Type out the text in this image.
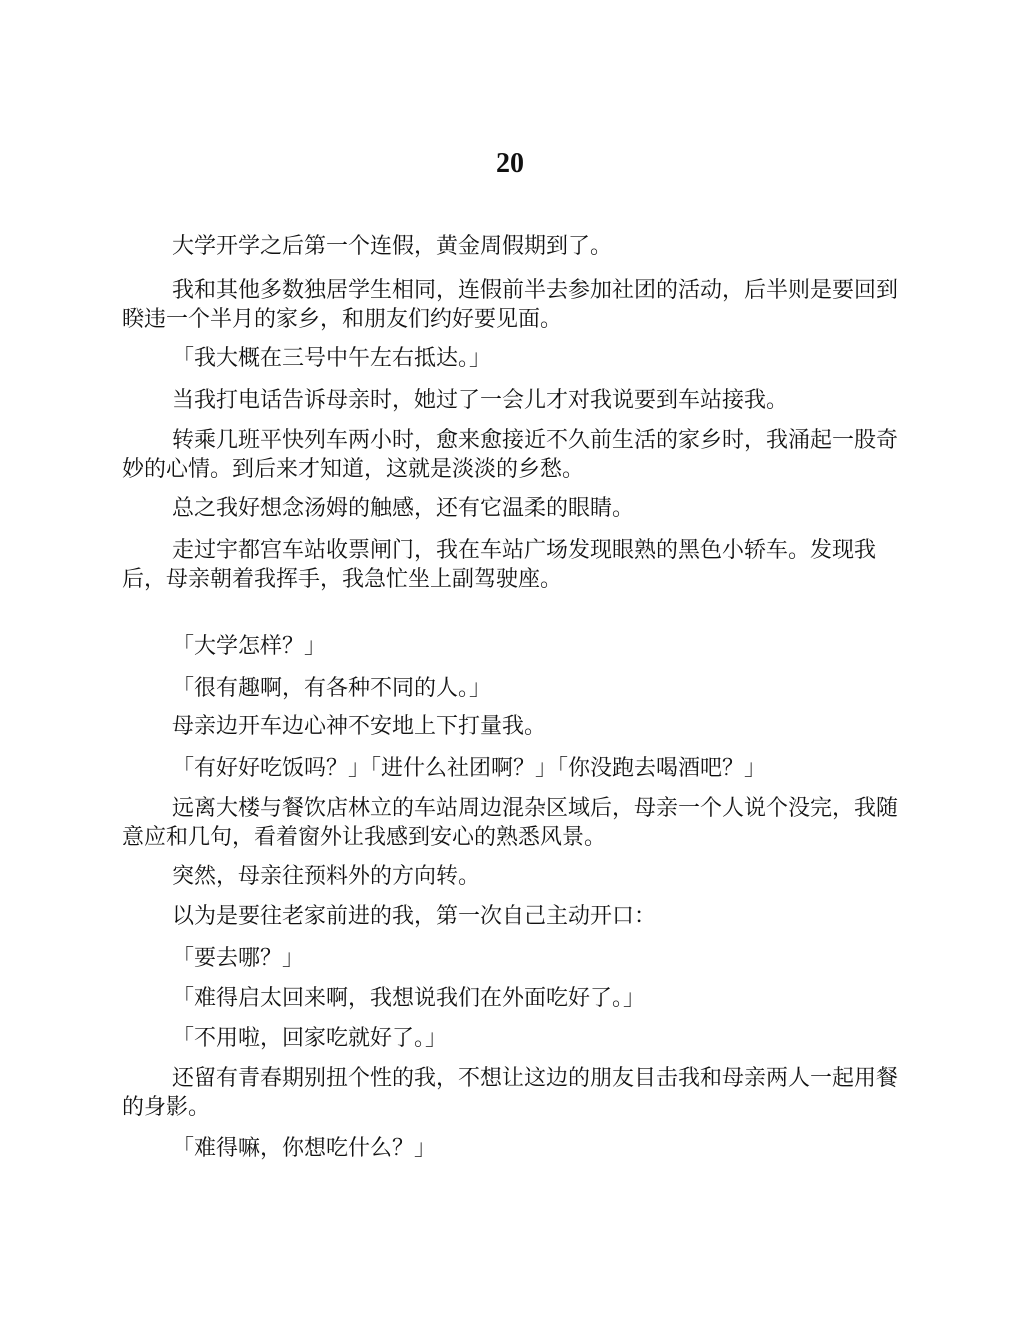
20

大学开学之后第一个连假，黄金周假期到了。

我和其他多数独居学生相同，连假前半去参加社团的活动，后半则是要回到睽违一个半月的家乡，和朋友们约好要见面。

「我大概在三号中午左右抵达。」

当我打电话告诉母亲时，她过了一会儿才对我说要到车站接我。

转乘几班平快列车两小时，愈来愈接近不久前生活的家乡时，我涌起一股奇妙的心情。到后来才知道，这就是淡淡的乡愁。

总之我好想念汤姆的触感，还有它温柔的眼睛。

走过宇都宫车站收票闸门，我在车站广场发现眼熟的黑色小轿车。发现我后，母亲朝着我挥手，我急忙坐上副驾驶座。

「大学怎样？」

「很有趣啊，有各种不同的人。」

母亲边开车边心神不安地上下打量我。

「有好好吃饭吗？」「进什么社团啊？」「你没跑去喝酒吧？」

远离大楼与餐饮店林立的车站周边混杂区域后，母亲一个人说个没完，我随意应和几句，看着窗外让我感到安心的熟悉风景。

突然，母亲往预料外的方向转。

以为是要往老家前进的我，第一次自己主动开口：

「要去哪？」

「难得启太回来啊，我想说我们在外面吃好了。」

「不用啦，回家吃就好了。」

还留有青春期别扭个性的我，不想让这边的朋友目击我和母亲两人一起用餐的身影。

「难得嘛，你想吃什么？」
